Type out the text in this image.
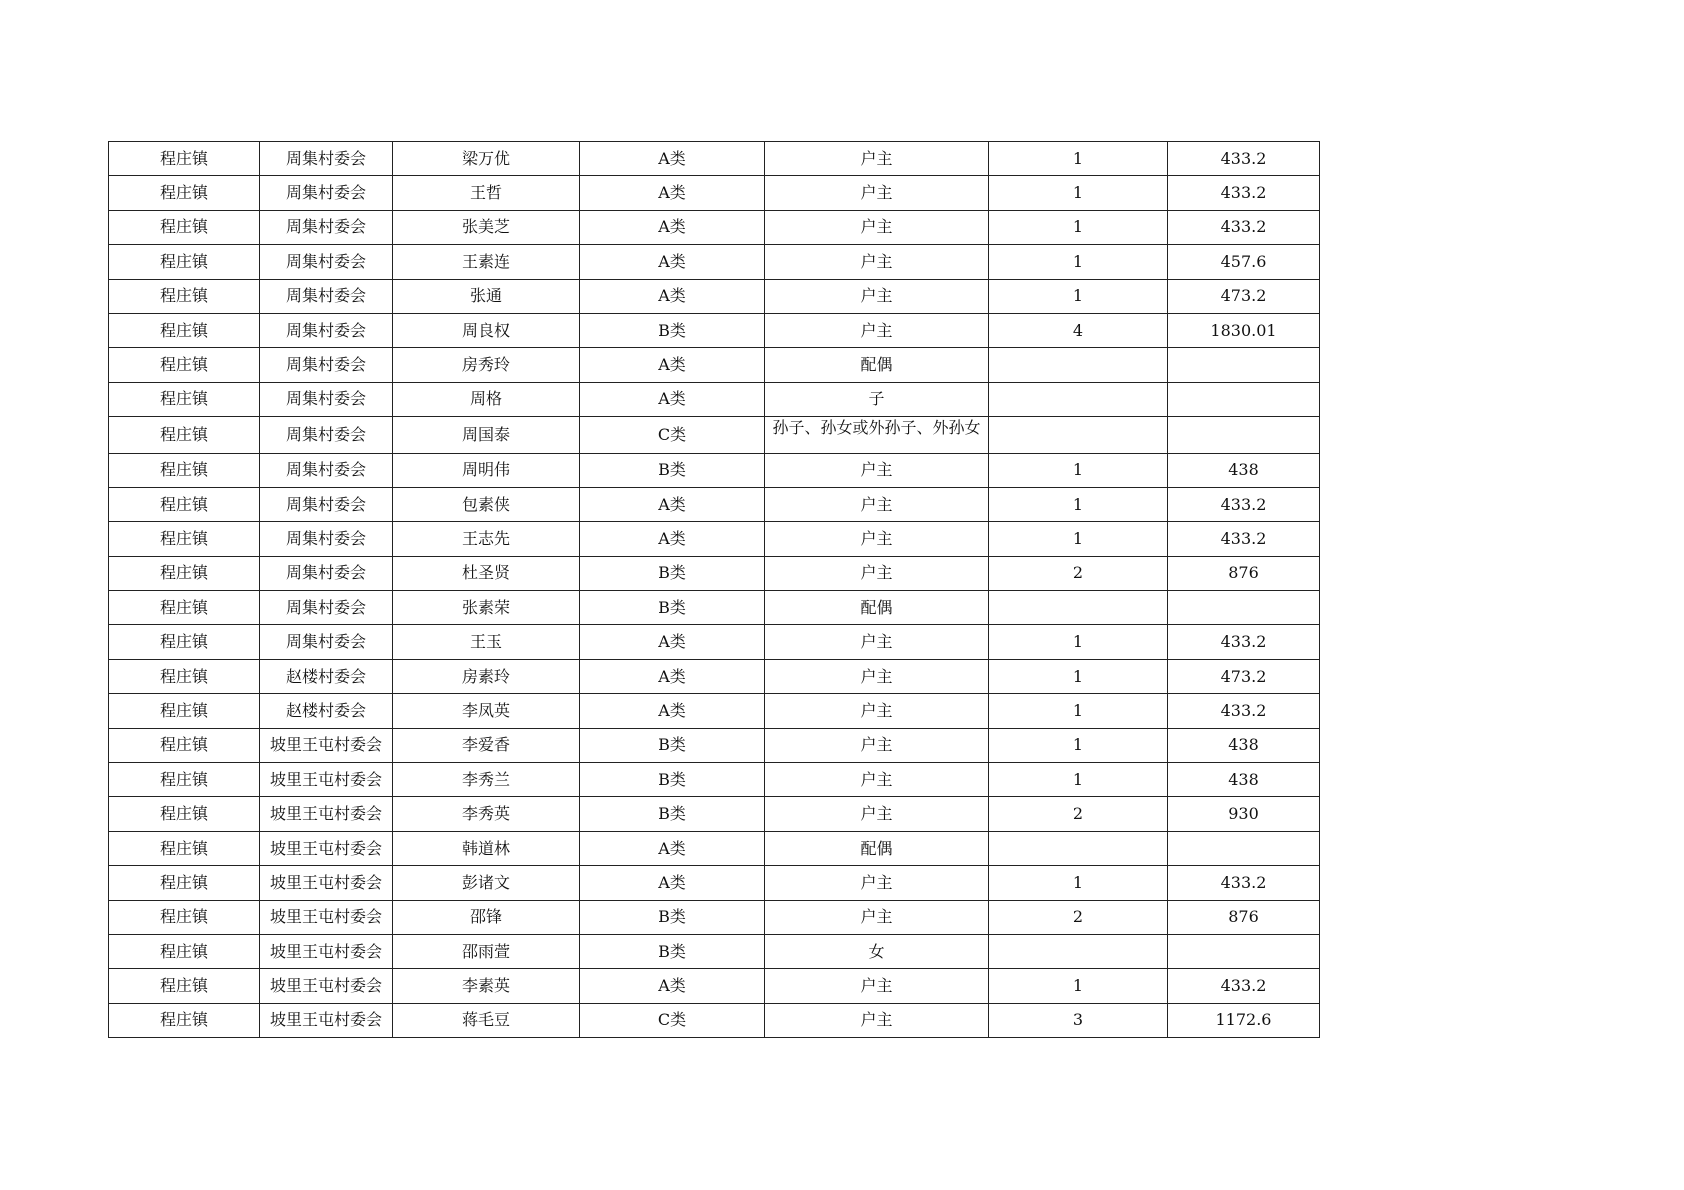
程庄镇	周集村委会	梁万优	A类	户主	1	433.2
程庄镇	周集村委会	王哲	A类	户主	1	433.2
程庄镇	周集村委会	张美芝	A类	户主	1	433.2
程庄镇	周集村委会	王素连	A类	户主	1	457.6
程庄镇	周集村委会	张通	A类	户主	1	473.2
程庄镇	周集村委会	周良权	B类	户主	4	1830.01
程庄镇	周集村委会	房秀玲	A类	配偶		
程庄镇	周集村委会	周格	A类	子		
程庄镇	周集村委会	周国泰	C类	孙子、孙女或外孙子、外孙女		

程庄镇	周集村委会	周明伟	B类	户主	1	438
程庄镇	周集村委会	包素侠	A类	户主	1	433.2
程庄镇	周集村委会	王志先	A类	户主	1	433.2
程庄镇	周集村委会	杜圣贤	B类	户主	2	876
程庄镇	周集村委会	张素荣	B类	配偶		
程庄镇	周集村委会	王玉	A类	户主	1	433.2
程庄镇	赵楼村委会	房素玲	A类	户主	1	473.2
程庄镇	赵楼村委会	李凤英	A类	户主	1	433.2
程庄镇	坡里王屯村委会	李爱香	B类	户主	1	438
程庄镇	坡里王屯村委会	李秀兰	B类	户主	1	438
程庄镇	坡里王屯村委会	李秀英	B类	户主	2	930
程庄镇	坡里王屯村委会	韩道林	A类	配偶		
程庄镇	坡里王屯村委会	彭诸文	A类	户主	1	433.2
程庄镇	坡里王屯村委会	邵锋	B类	户主	2	876
程庄镇	坡里王屯村委会	邵雨萱	B类	女		
程庄镇	坡里王屯村委会	李素英	A类	户主	1	433.2
程庄镇	坡里王屯村委会	蒋毛豆	C类	户主	3	1172.6
